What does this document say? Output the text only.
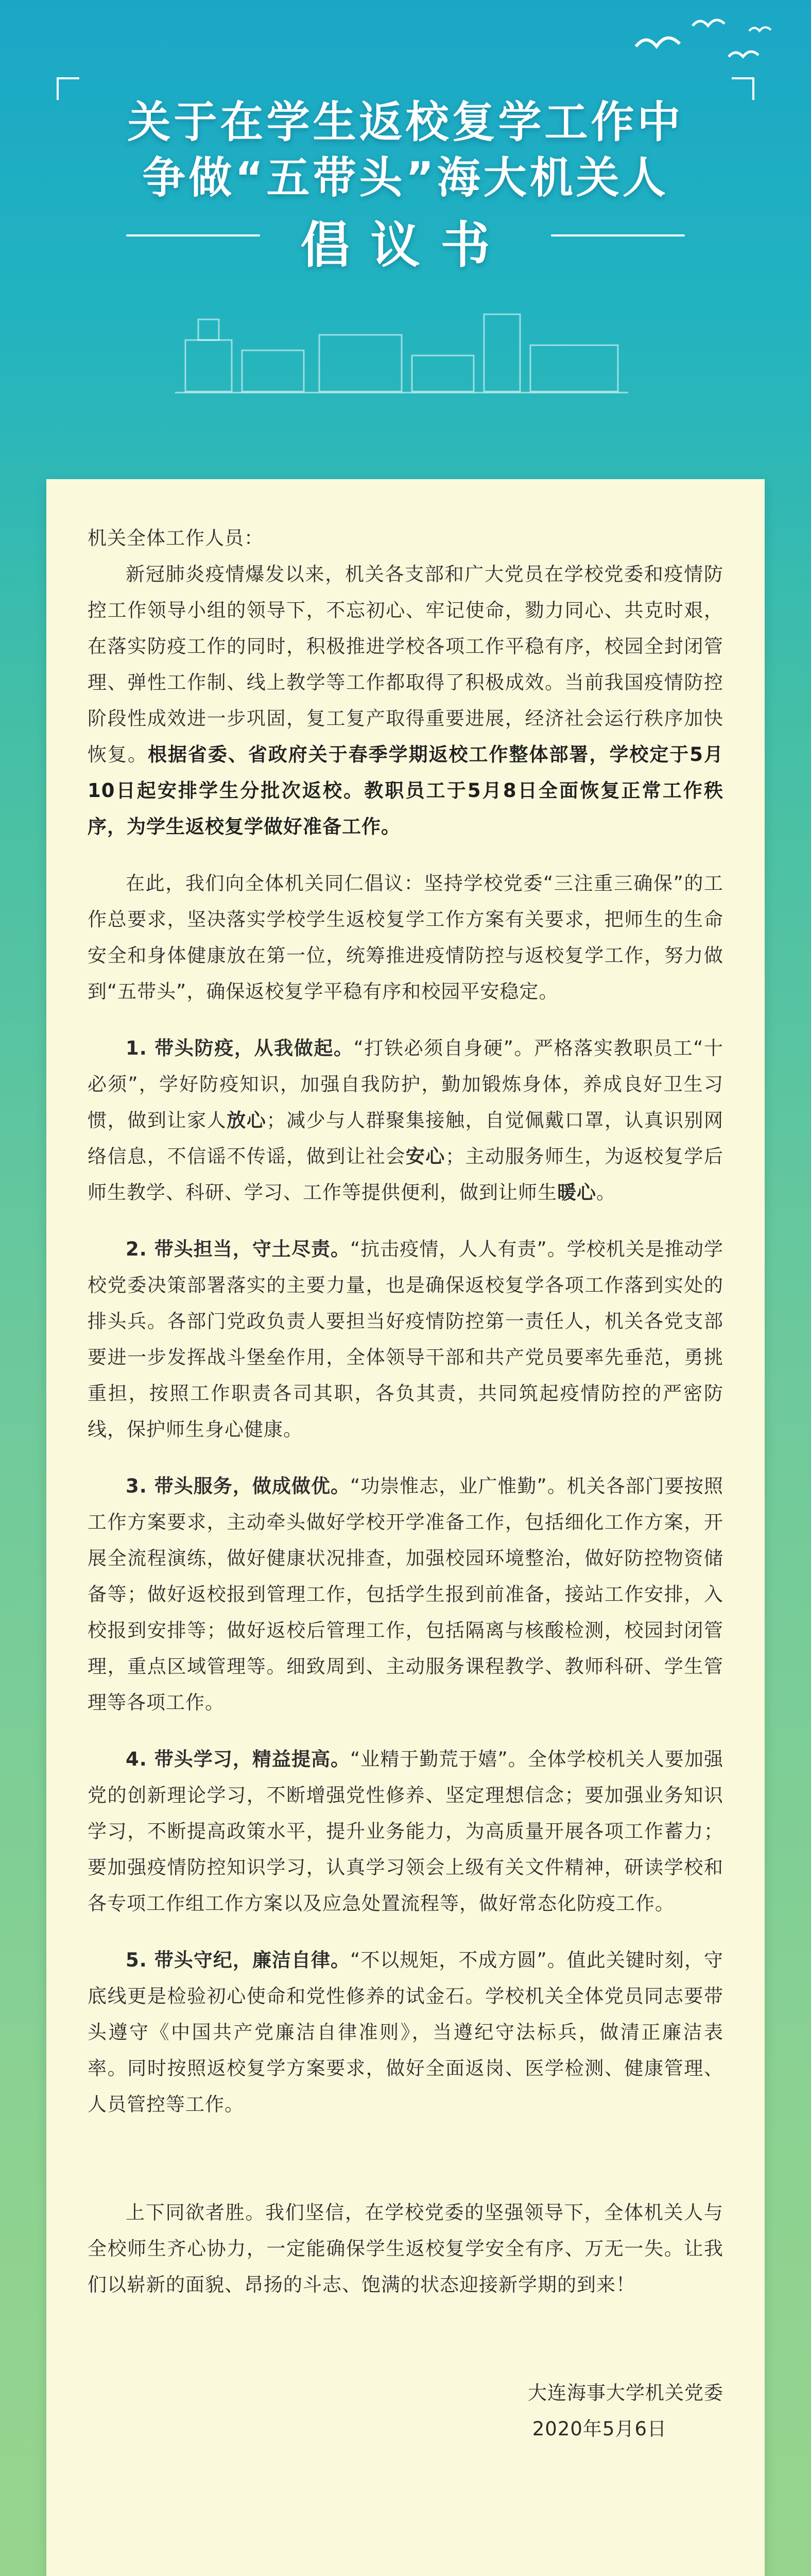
关于在学生返校复学工作中
争做“五带头”海大机关人
倡议书

机关全体工作人员：

新冠肺炎疫情爆发以来，机关各支部和广大党员在学校党委和疫情防控工作领导小组的领导下，不忘初心、牢记使命，勠力同心、共克时艰，在落实防疫工作的同时，积极推进学校各项工作平稳有序，校园全封闭管理、弹性工作制、线上教学等工作都取得了积极成效。当前我国疫情防控阶段性成效进一步巩固，复工复产取得重要进展，经济社会运行秩序加快恢复。根据省委、省政府关于春季学期返校工作整体部署，学校定于5月10日起安排学生分批次返校。教职员工于5月8日全面恢复正常工作秩序，为学生返校复学做好准备工作。

在此，我们向全体机关同仁倡议：坚持学校党委“三注重三确保”的工作总要求，坚决落实学校学生返校复学工作方案有关要求，把师生的生命安全和身体健康放在第一位，统筹推进疫情防控与返校复学工作，努力做到“五带头”，确保返校复学平稳有序和校园平安稳定。

1. 带头防疫，从我做起。“打铁必须自身硬”。严格落实教职员工“十必须”，学好防疫知识，加强自我防护，勤加锻炼身体，养成良好卫生习惯，做到让家人放心；减少与人群聚集接触，自觉佩戴口罩，认真识别网络信息，不信谣不传谣，做到让社会安心；主动服务师生，为返校复学后师生教学、科研、学习、工作等提供便利，做到让师生暖心。

2. 带头担当，守土尽责。“抗击疫情，人人有责”。学校机关是推动学校党委决策部署落实的主要力量，也是确保返校复学各项工作落到实处的排头兵。各部门党政负责人要担当好疫情防控第一责任人，机关各党支部要进一步发挥战斗堡垒作用，全体领导干部和共产党员要率先垂范，勇挑重担，按照工作职责各司其职，各负其责，共同筑起疫情防控的严密防线，保护师生身心健康。

3. 带头服务，做成做优。“功崇惟志，业广惟勤”。机关各部门要按照工作方案要求，主动牵头做好学校开学准备工作，包括细化工作方案，开展全流程演练，做好健康状况排查，加强校园环境整治，做好防控物资储备等；做好返校报到管理工作，包括学生报到前准备，接站工作安排，入校报到安排等；做好返校后管理工作，包括隔离与核酸检测，校园封闭管理，重点区域管理等。细致周到、主动服务课程教学、教师科研、学生管理等各项工作。

4. 带头学习，精益提高。“业精于勤荒于嬉”。全体学校机关人要加强党的创新理论学习，不断增强党性修养、坚定理想信念；要加强业务知识学习，不断提高政策水平，提升业务能力，为高质量开展各项工作蓄力；要加强疫情防控知识学习，认真学习领会上级有关文件精神，研读学校和各专项工作组工作方案以及应急处置流程等，做好常态化防疫工作。

5. 带头守纪，廉洁自律。“不以规矩，不成方圆”。值此关键时刻，守底线更是检验初心使命和党性修养的试金石。学校机关全体党员同志要带头遵守《中国共产党廉洁自律准则》，当遵纪守法标兵，做清正廉洁表率。同时按照返校复学方案要求，做好全面返岗、医学检测、健康管理、人员管控等工作。

上下同欲者胜。我们坚信，在学校党委的坚强领导下，全体机关人与全校师生齐心协力，一定能确保学生返校复学安全有序、万无一失。让我们以崭新的面貌、昂扬的斗志、饱满的状态迎接新学期的到来！

大连海事大学机关党委

2020年5月6日
